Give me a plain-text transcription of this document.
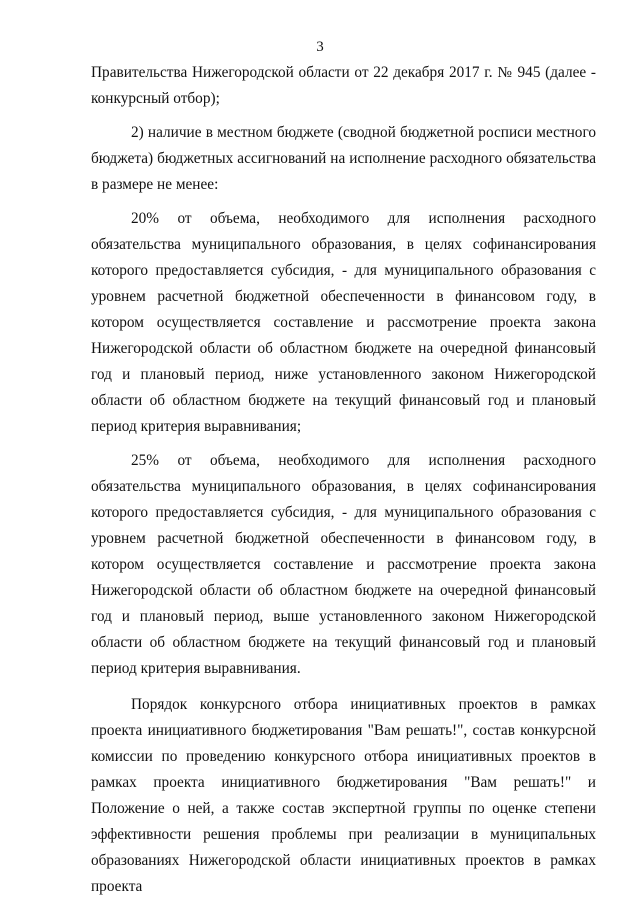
3

Правительства Нижегородской области от 22 декабря 2017 г. № 945 (далее - конкурсный отбор);

2) наличие в местном бюджете (сводной бюджетной росписи местного бюджета) бюджетных ассигнований на исполнение расходного обязательства в размере не менее:

20% от объема, необходимого для исполнения расходного обязательства муниципального образования, в целях софинансирования которого предоставляется субсидия, - для муниципального образования с уровнем расчетной бюджетной обеспеченности в финансовом году, в котором осуществляется составление и рассмотрение проекта закона Нижегородской области об областном бюджете на очередной финансовый год и плановый период, ниже установленного законом Нижегородской области об областном бюджете на текущий финансовый год и плановый период критерия выравнивания;

25% от объема, необходимого для исполнения расходного обязательства муниципального образования, в целях софинансирования которого предоставляется субсидия, - для муниципального образования с уровнем расчетной бюджетной обеспеченности в финансовом году, в котором осуществляется составление и рассмотрение проекта закона Нижегородской области об областном бюджете на очередной финансовый год и плановый период, выше установленного законом Нижегородской области об областном бюджете на текущий финансовый год и плановый период критерия выравнивания.

Порядок конкурсного отбора инициативных проектов в рамках проекта инициативного бюджетирования "Вам решать!", состав конкурсной комиссии по проведению конкурсного отбора инициативных проектов в рамках проекта инициативного бюджетирования "Вам решать!" и Положение о ней, а также состав экспертной группы по оценке степени эффективности решения проблемы при реализации в муниципальных образованиях Нижегородской области инициативных проектов в рамках проекта
